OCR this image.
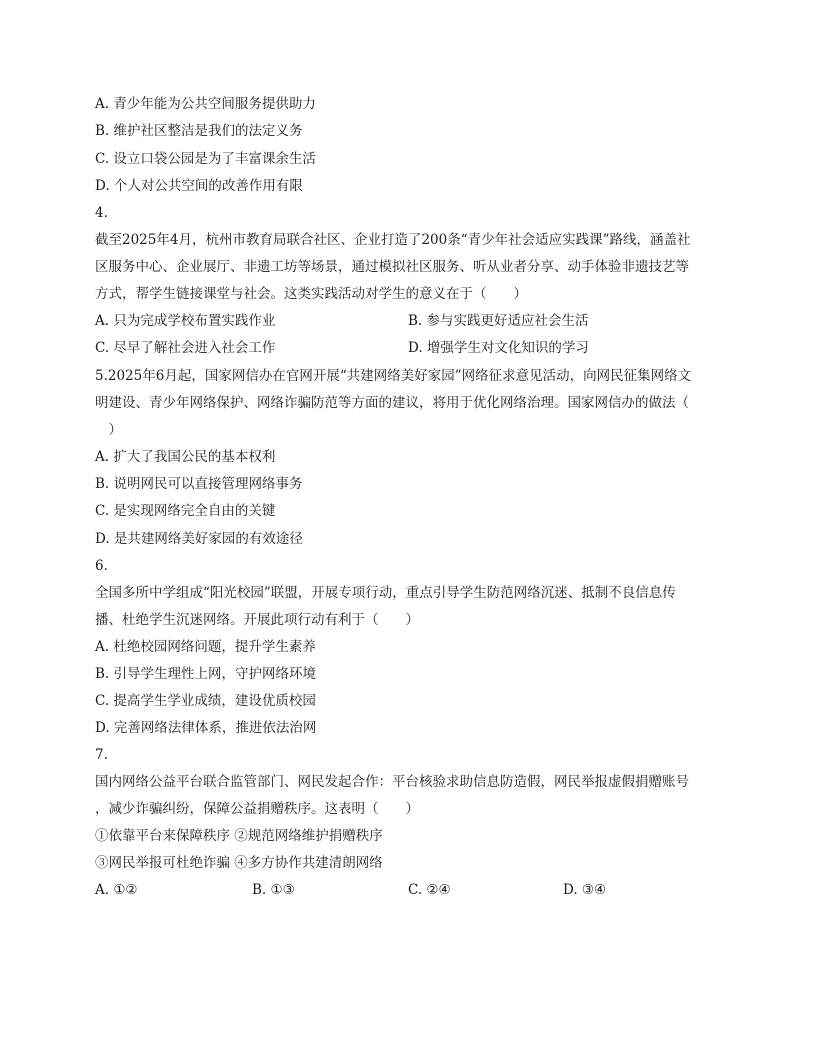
A. 青少年能为公共空间服务提供助力
B. 维护社区整洁是我们的法定义务
C. 设立口袋公园是为了丰富课余生活
D. 个人对公共空间的改善作用有限
4.
截至2025年4月，杭州市教育局联合社区、企业打造了200条“青少年社会适应实践课”路线，涵盖社
区服务中心、企业展厅、非遗工坊等场景，通过模拟社区服务、听从业者分享、动手体验非遗技艺等
方式，帮学生链接课堂与社会。这类实践活动对学生的意义在于（　　）
A. 只为完成学校布置实践作业	B. 参与实践更好适应社会生活
C. 尽早了解社会进入社会工作	D. 增强学生对文化知识的学习
5.2025年6月起，国家网信办在官网开展“共建网络美好家园”网络征求意见活动，向网民征集网络文
明建设、青少年网络保护、网络诈骗防范等方面的建议，将用于优化网络治理。国家网信办的做法（
　）
A. 扩大了我国公民的基本权利
B. 说明网民可以直接管理网络事务
C. 是实现网络完全自由的关键
D. 是共建网络美好家园的有效途径
6.
全国多所中学组成“阳光校园”联盟，开展专项行动，重点引导学生防范网络沉迷、抵制不良信息传
播、杜绝学生沉迷网络。开展此项行动有利于（　　）
A. 杜绝校园网络问题，提升学生素养
B. 引导学生理性上网，守护网络环境
C. 提高学生学业成绩，建设优质校园
D. 完善网络法律体系，推进依法治网
7.
国内网络公益平台联合监管部门、网民发起合作：平台核验求助信息防造假，网民举报虚假捐赠账号
，减少诈骗纠纷，保障公益捐赠秩序。这表明（　　）
①依靠平台来保障秩序 ②规范网络维护捐赠秩序
③网民举报可杜绝诈骗 ④多方协作共建清朗网络
A. ①②	B. ①③	C. ②④	D. ③④
